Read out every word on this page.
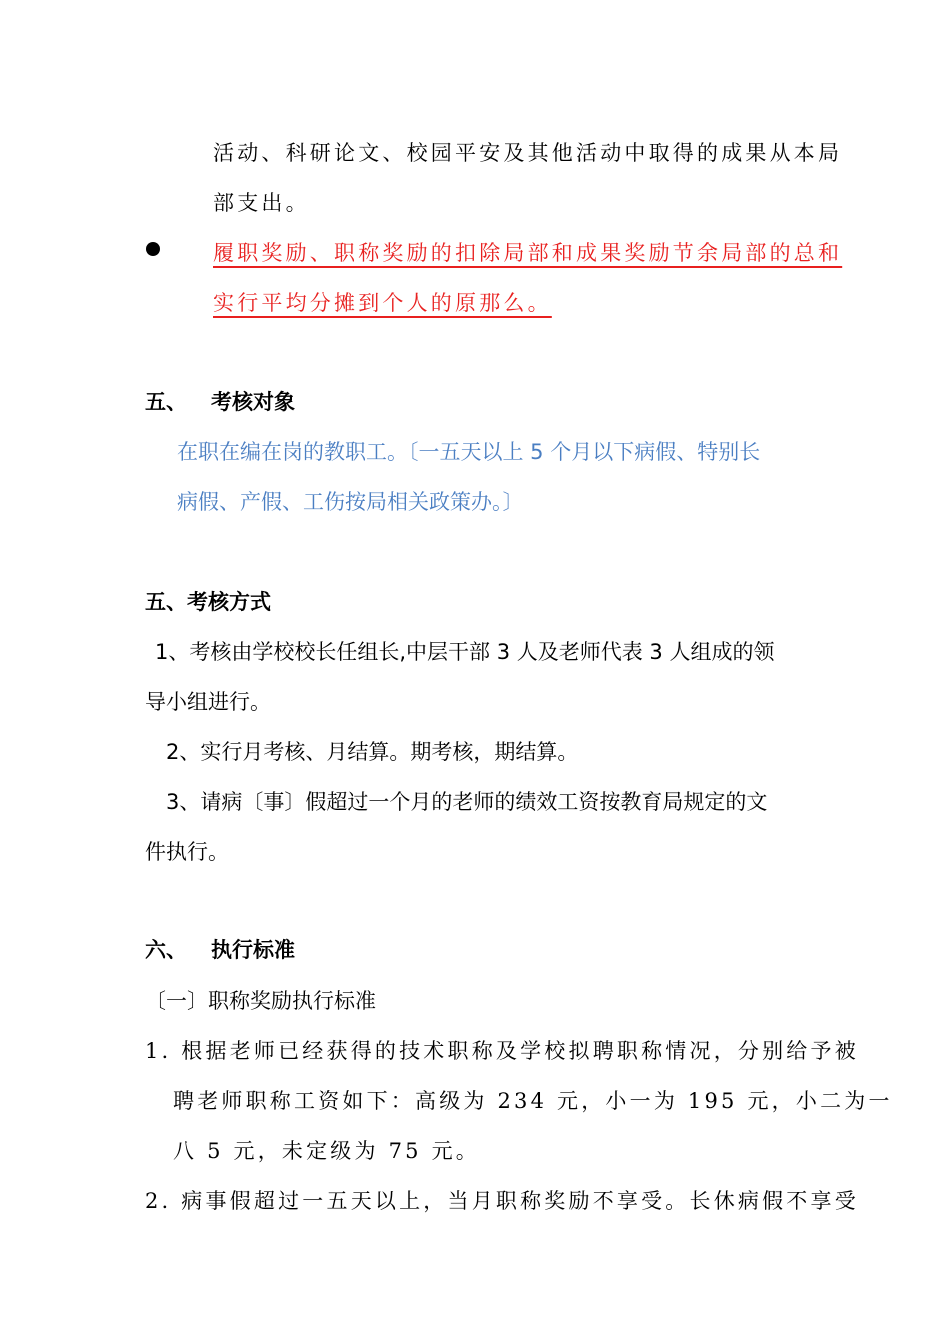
活动、科研论文、校园平安及其他活动中取得的成果从本局
部支出。
履职奖励、职称奖励的扣除局部和成果奖励节余局部的总和
实行平均分摊到个人的原那么。
五、 考核对象
在职在编在岗的教职工。〔一五天以上 5 个月以下病假、特别长
病假、产假、工伤按局相关政策办。〕
五、考核方式
1、考核由学校校长任组长,中层干部 3 人及老师代表 3 人组成的领
导小组进行。
2、实行月考核、月结算。期考核，期结算。
3、请病〔事〕假超过一个月的老师的绩效工资按教育局规定的文
件执行。
六、 执行标准
〔一〕职称奖励执行标准
1. 根据老师已经获得的技术职称及学校拟聘职称情况，分别给予被
聘老师职称工资如下：高级为 234 元，小一为 195 元，小二为一
八 5 元，未定级为 75 元。
2. 病事假超过一五天以上，当月职称奖励不享受。长休病假不享受
